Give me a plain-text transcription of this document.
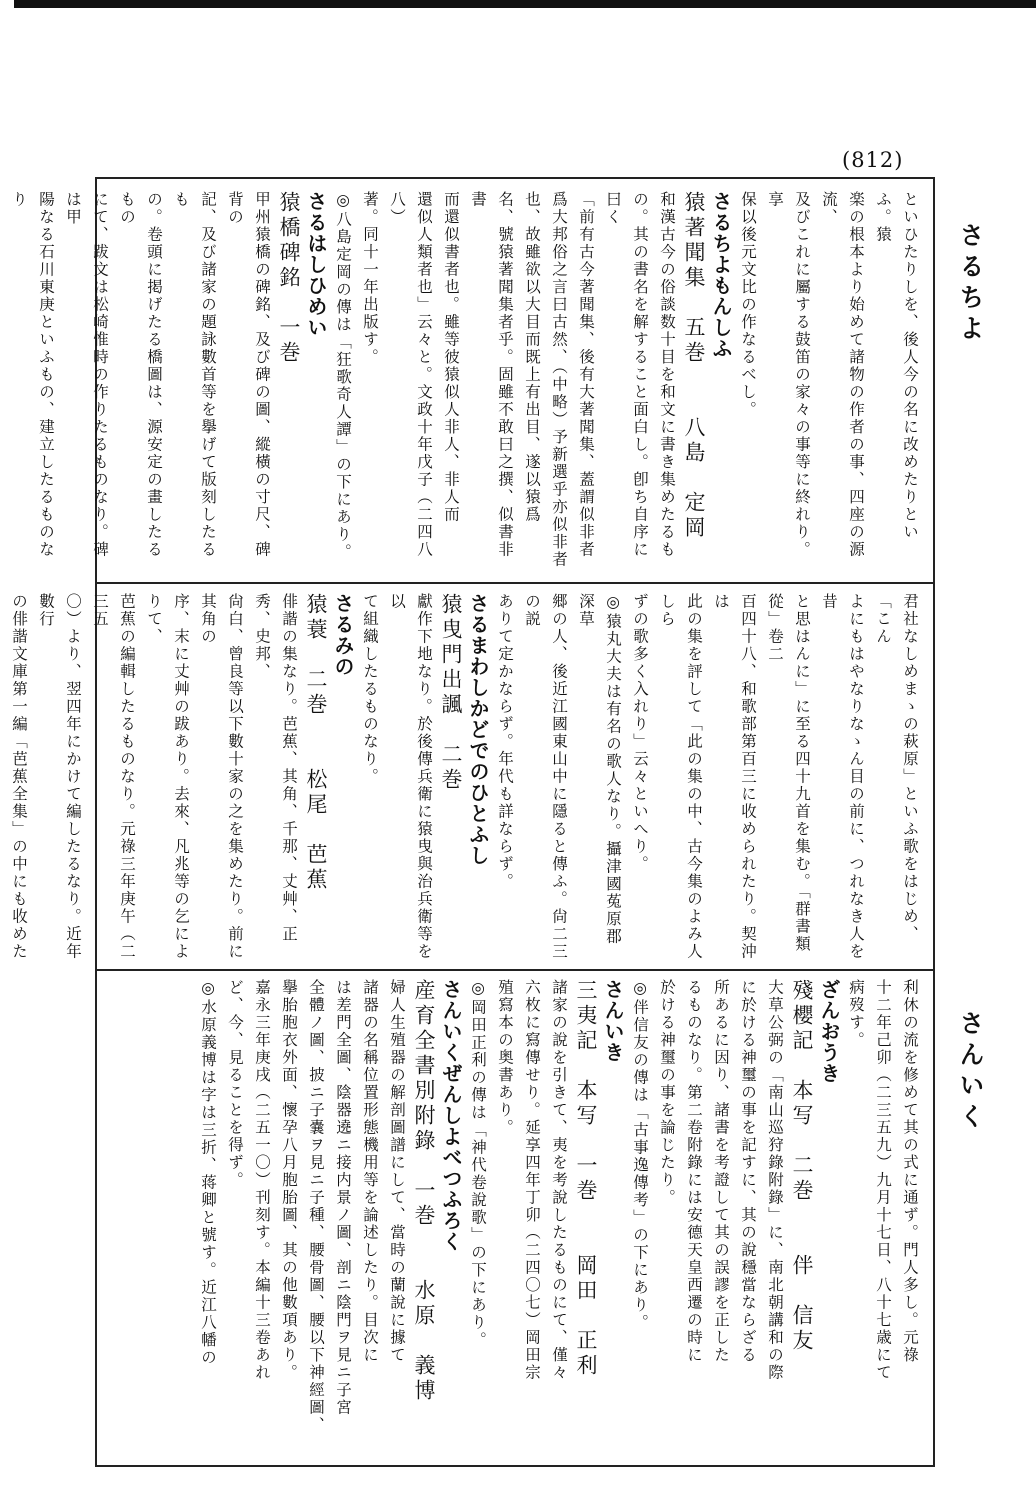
(812)
といひたりしを、後人今の名に改めたりといふ。猿
楽の根本より始めて諸物の作者の事、四座の源流、
及びこれに屬する鼓笛の家々の事等に終れり。享
保以後元文比の作なるべし。
さるちよもんしふ
猿著聞集　五巻　　八島　定岡
和漢古今の俗談数十目を和文に書き集めたるも
の。其の書名を解すること面白し。卽ち自序に曰く
「前有古今著聞集、後有大著聞集、蓋謂似非者
爲大邦俗之言曰古然、（中略）予新選乎亦似非者
也、故雖欲以大目而既上有出目、遂以猿爲
名、號猿著聞集者乎。固雖不敢曰之撰、似書非書
而還似書者也。雖等彼猿似人非人、非人而
還似人類者也」云々と。文政十年戊子（二四八八）
著。同十一年出版す。
◎八島定岡の傳は「狂歌奇人譚」の下にあり。
さるはしひめい
猿橋碑銘　一巻
甲州猿橋の碑銘、及び碑の圖、縱橫の寸尺、碑背の
記、及び諸家の題詠數首等を擧げて版刻したるも
の。卷頭に掲げたる橋圖は、源安定の畫したるもの
にて、跋文は松崎惟時の作りたるものなり。碑は甲
陽なる石川東庚といふもの、建立したるものなり
君社なしめまゝの萩原」といふ歌をはじめ、「こん
よにもはやなりなゝん目の前に、つれなき人を昔
と思はんに」に至る四十九首を集む。「群書類從」卷二
百四十八、和歌部第百三に收められたり。契沖は
此の集を評して「此の集の中、古今集のよみ人しら
ずの歌多く入れり」云々といへり。
◎猿丸大夫は有名の歌人なり。攝津國菟原郡深草
郷の人、後近江國東山中に隱ると傳ふ。尙二三の説
ありて定かならず。年代も詳ならず。
さるまわしかどでのひとふし
猿曳門出諷　二巻
獻作下地なり。於後傳兵衛に猿曳與治兵衛等を以
て組織したるものなり。
さるみの
猿蓑　二巻　　松尾　芭蕉
俳諧の集なり。芭蕉、其角、千那、丈艸、正秀、史邦、
尙白、曾良等以下數十家の之を集めたり。前に其角の
序、末に丈艸の跋あり。去來、凡兆等の乞によりて、
芭蕉の編輯したるものなり。元祿三年庚午（二三五
〇）より、翌四年にかけて編したるなり。近年數行
の俳諧文庫第一編「芭蕉全集」の中にも收めた
利休の流を修めて其の式に通ず。門人多し。元祿
十二年己卯（二三五九）九月十七日、八十七歳にて
病歿す。
ざんおうき
殘櫻記　本写　二巻　　伴　信友
大草公弼の「南山巡狩錄附錄」に、南北朝講和の際
に於ける神璽の事を記すに、其の說穩當ならざる
所あるに因り、諸書を考證して其の誤謬を正した
るものなり。第二卷附錄には安德天皇西遷の時に
於ける神璽の事を論じたり。
◎伴信友の傳は「古事逸傳考」の下にあり。
さんいき
三夷記　本写　一巻　　岡田　正利
諸家の說を引きて、夷を考說したるものにて、僅々
六枚に寫傳せり。延享四年丁卯（二四〇七）岡田宗
殖寫本の奥書あり。
◎岡田正利の傳は「神代卷說歌」の下にあり。
さんいくぜんしよべつふろく
産育全書別附錄　一巻　　水原　義博
婦人生殖器の解剖圖譜にして、當時の蘭說に據て
諸器の名稱位置形態機用等を論述したり。目次に
は差門全圖、陰器遶ニ接内景ノ圖、剖ニ陰門ヲ見ニ子宮
全體ノ圖、披ニ子嚢ヲ見ニ子種、腰骨圖、腰以下神經圖、
擧胎胞衣外面、懷孕八月胞胎圖、其の他數項あり。
嘉永三年庚戌（二五一〇）刊刻す。本編十三卷あれ
ど、今、見ることを得ず。
◎水原義博は字は三折、蒋卿と號す。近江八幡の
さるちよ
さんいく
